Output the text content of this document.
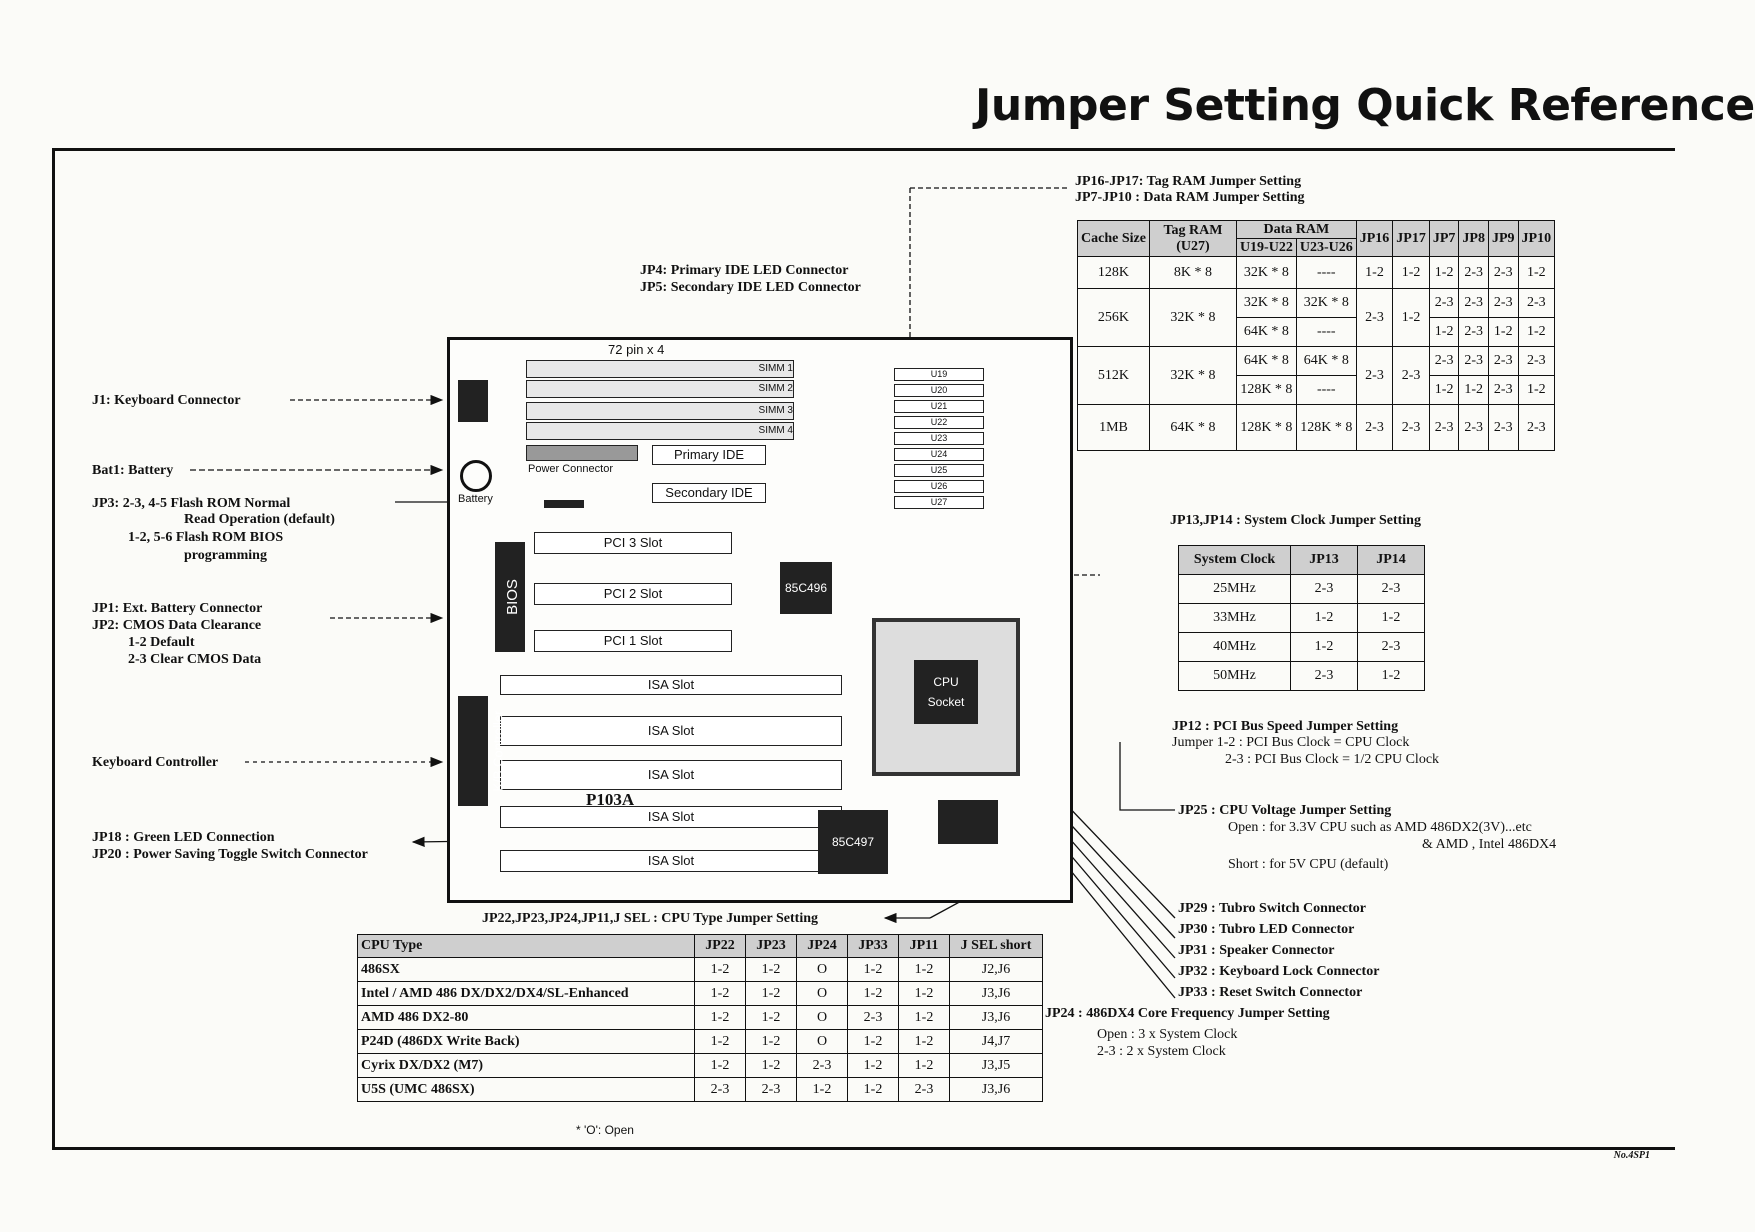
Jumper Setting Quick Reference
JP16-JP17: Tag RAM Jumper Setting
JP7-JP10 : Data RAM Jumper Setting
Cache Size	Tag RAM (U27)	Data RAM		JP16	JP17	JP7	JP8	JP9	JP10
		U19-U22	U23-U26						
128K	8K * 8	32K * 8	----	1-2	1-2	1-2	2-3	2-3	1-2
256K	32K * 8	32K * 8	32K * 8	2-3	1-2	2-3	2-3	2-3	2-3
		64K * 8	----			1-2	2-3	1-2	1-2
512K	32K * 8	64K * 8	64K * 8	2-3	2-3	2-3	2-3	2-3	2-3
		128K * 8	----			1-2	1-2	2-3	1-2
1MB	64K * 8	128K * 8	128K * 8	2-3	2-3	2-3	2-3	2-3	2-3
JP13,JP14 : System Clock Jumper Setting
System Clock	JP13	JP14
25MHz	2-3	2-3
33MHz	1-2	1-2
40MHz	1-2	2-3
50MHz	2-3	1-2
JP12 : PCI Bus Speed Jumper Setting
Jumper 1-2 : PCI Bus Clock = CPU Clock
2-3 : PCI Bus Clock = 1/2 CPU Clock
JP25 : CPU Voltage Jumper Setting
Open : for 3.3V CPU such as AMD 486DX2(3V)...etc
& AMD , Intel 486DX4
Short : for 5V CPU (default)
JP29 : Tubro Switch Connector
JP30 : Tubro LED Connector
JP31 : Speaker Connector
JP32 : Keyboard Lock Connector
JP33 : Reset Switch Connector
JP24 : 486DX4 Core Frequency Jumper Setting
Open : 3 x System Clock
2-3 : 2 x System Clock
JP4: Primary IDE LED Connector
JP5: Secondary IDE LED Connector
J1: Keyboard Connector
Bat1: Battery
JP3: 2-3, 4-5 Flash ROM Normal
Read Operation (default)
1-2, 5-6 Flash ROM BIOS
programming
JP1: Ext. Battery Connector
JP2: CMOS Data Clearance
1-2 Default
2-3 Clear CMOS Data
Keyboard Controller
JP18 : Green LED Connection
JP20 : Power Saving Toggle Switch Connector
72 pin x 4
SIMM 1
SIMM 2
SIMM 3
SIMM 4
Battery
Power Connector
Primary IDE
Secondary IDE
PCI 3 Slot
PCI 2 Slot
PCI 1 Slot
BIOS	85C496
ISA Slot
ISA Slot
ISA Slot
ISA Slot
ISA Slot
P103A
K/B Controller
U19
U20
U21
U22
U23
U24
U25
U26
U27
CPU Socket
85C497
JP22,JP23,JP24,JP11,J SEL : CPU Type Jumper Setting
CPU Type	JP22	JP23	JP24	JP33	JP11	J SEL short
486SX	1-2	1-2	O	1-2	1-2	J2,J6
Intel / AMD 486 DX/DX2/DX4/SL-Enhanced	1-2	1-2	O	1-2	1-2	J3,J6
AMD 486 DX2-80	1-2	1-2	O	2-3	1-2	J3,J6
P24D (486DX Write Back)	1-2	1-2	O	1-2	1-2	J4,J7
Cyrix DX/DX2 (M7)	1-2	1-2	2-3	1-2	1-2	J3,J5
U5S (UMC 486SX)	2-3	2-3	1-2	1-2	2-3	J3,J6
* 'O': Open
No.4SP1
